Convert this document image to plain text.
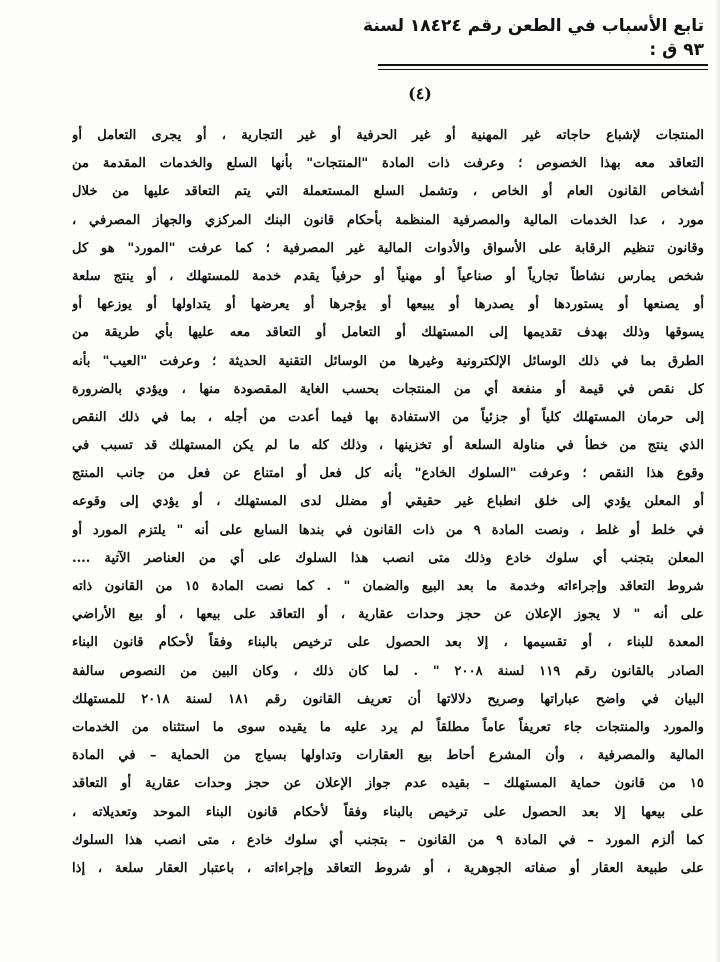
تابع الأسباب في الطعن رقم ١٨٤٢٤ لسنة ٩٣ ق :
(٤)
المنتجات لإشباع حاجاته غير المهنية أو غير الحرفية أو غير التجارية ، أو يجرى التعامل أو
التعاقد معه بهذا الخصوص ؛ وعرفت ذات المادة "المنتجات" بأنها السلع والخدمات المقدمة من
أشخاص القانون العام أو الخاص ، وتشمل السلع المستعملة التي يتم التعاقد عليها من خلال
مورد ، عدا الخدمات المالية والمصرفية المنظمة بأحكام قانون البنك المركزي والجهاز المصرفي ،
وقانون تنظيم الرقابة على الأسواق والأدوات المالية غير المصرفية ؛ كما عرفت "المورد" هو كل
شخص يمارس نشاطاً تجارياً أو صناعياً أو مهنياً أو حرفياً يقدم خدمة للمستهلك ، أو ينتج سلعة
أو يصنعها أو يستوردها أو يصدرها أو يبيعها أو يؤجرها أو يعرضها أو يتداولها أو يوزعها أو
يسوقها وذلك بهدف تقديمها إلى المستهلك أو التعامل أو التعاقد معه عليها بأي طريقة من
الطرق بما في ذلك الوسائل الإلكترونية وغيرها من الوسائل التقنية الحديثة ؛ وعرفت "العيب" بأنه
كل نقص في قيمة أو منفعة أي من المنتجات بحسب الغاية المقصودة منها ، ويؤدي بالضرورة
إلى حرمان المستهلك كلياً أو جزئياً من الاستفادة بها فيما أعدت من أجله ، بما في ذلك النقص
الذي ينتج من خطأ في مناولة السلعة أو تخزينها ، وذلك كله ما لم يكن المستهلك قد تسبب في
وقوع هذا النقص ؛ وعرفت "السلوك الخادع" بأنه كل فعل أو امتناع عن فعل من جانب المنتج
أو المعلن يؤدي إلى خلق انطباع غير حقيقي أو مضلل لدى المستهلك ، أو يؤدي إلى وقوعه
في خلط أو غلط ، ونصت المادة ٩ من ذات القانون في بندها السابع على أنه " يلتزم المورد أو
المعلن بتجنب أي سلوك خادع وذلك متى انصب هذا السلوك على أي من العناصر الآتية ....
شروط التعاقد وإجراءاته وخدمة ما بعد البيع والضمان " . كما نصت المادة ١٥ من القانون ذاته
على أنه " لا يجوز الإعلان عن حجز وحدات عقارية ، أو التعاقد على بيعها ، أو بيع الأراضي
المعدة للبناء ، أو تقسيمها ، إلا بعد الحصول على ترخيص بالبناء وفقاً لأحكام قانون البناء
الصادر بالقانون رقم ١١٩ لسنة ٢٠٠٨ " . لما كان ذلك ، وكان البين من النصوص سالفة
البيان في واضح عباراتها وصريح دلالاتها أن تعريف القانون رقم ١٨١ لسنة ٢٠١٨ للمستهلك
والمورد والمنتجات جاء تعريفاً عاماً مطلقاً لم يرد عليه ما يقيده سوى ما استثناه من الخدمات
المالية والمصرفية ، وأن المشرع أحاط بيع العقارات وتداولها بسياج من الحماية – في المادة
١٥ من قانون حماية المستهلك – بقيده عدم جواز الإعلان عن حجز وحدات عقارية أو التعاقد
على بيعها إلا بعد الحصول على ترخيص بالبناء وفقاً لأحكام قانون البناء الموحد وتعديلاته ،
كما ألزم المورد – في المادة ٩ من القانون – بتجنب أي سلوك خادع ، متى انصب هذا السلوك
على طبيعة العقار أو صفاته الجوهرية ، أو شروط التعاقد وإجراءاته ، باعتبار العقار سلعة ، إذا
